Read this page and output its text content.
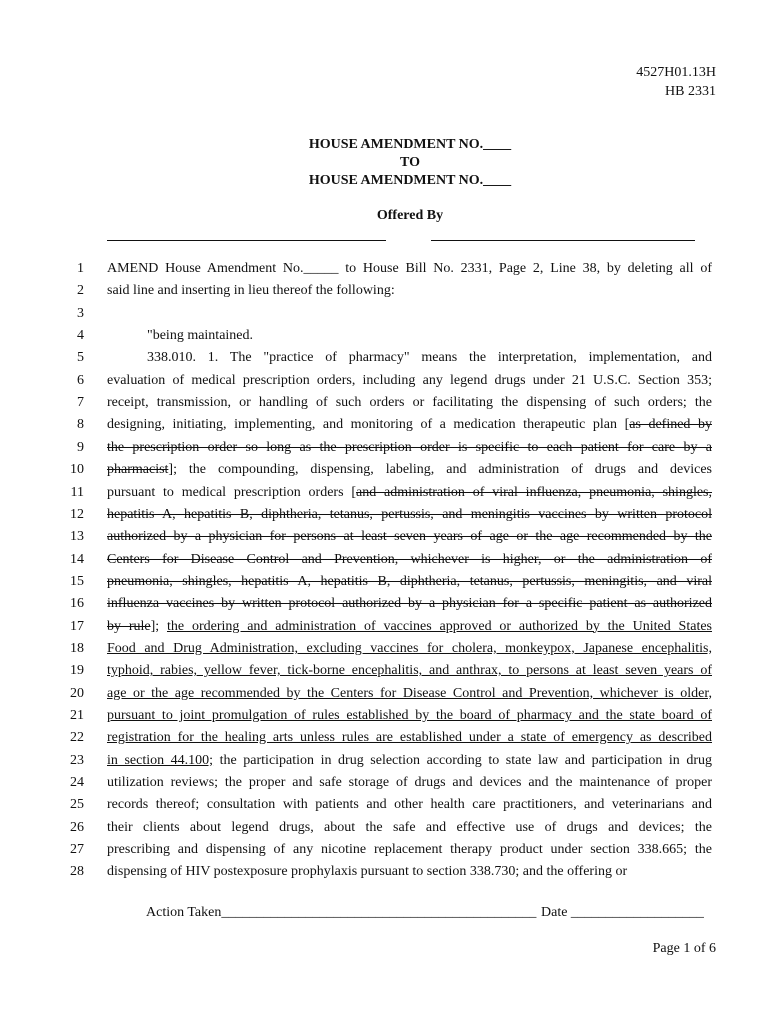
4527H01.13H
HB 2331
HOUSE AMENDMENT NO.____
TO
HOUSE AMENDMENT NO.____
Offered By
1 AMEND House Amendment No._____ to House Bill No. 2331, Page 2, Line 38, by deleting all of
2 said line and inserting in lieu thereof the following:
3
4	"being maintained.
5	338.010. 1. The "practice of pharmacy" means the interpretation, implementation, and
6 evaluation of medical prescription orders, including any legend drugs under 21 U.S.C. Section 353;
7 receipt, transmission, or handling of such orders or facilitating the dispensing of such orders; the
8 designing, initiating, implementing, and monitoring of a medication therapeutic plan [as defined by
9 the prescription order so long as the prescription order is specific to each patient for care by a
10 pharmacist]; the compounding, dispensing, labeling, and administration of drugs and devices
11 pursuant to medical prescription orders [and administration of viral influenza, pneumonia, shingles,
12 hepatitis A, hepatitis B, diphtheria, tetanus, pertussis, and meningitis vaccines by written protocol
13 authorized by a physician for persons at least seven years of age or the age recommended by the
14 Centers for Disease Control and Prevention, whichever is higher, or the administration of
15 pneumonia, shingles, hepatitis A, hepatitis B, diphtheria, tetanus, pertussis, meningitis, and viral
16 influenza vaccines by written protocol authorized by a physician for a specific patient as authorized
17 by rule]; the ordering and administration of vaccines approved or authorized by the United States
18 Food and Drug Administration, excluding vaccines for cholera, monkeypox, Japanese encephalitis,
19 typhoid, rabies, yellow fever, tick-borne encephalitis, and anthrax, to persons at least seven years of
20 age or the age recommended by the Centers for Disease Control and Prevention, whichever is older,
21 pursuant to joint promulgation of rules established by the board of pharmacy and the state board of
22 registration for the healing arts unless rules are established under a state of emergency as described
23 in section 44.100; the participation in drug selection according to state law and participation in drug
24 utilization reviews; the proper and safe storage of drugs and devices and the maintenance of proper
25 records thereof; consultation with patients and other health care practitioners, and veterinarians and
26 their clients about legend drugs, about the safe and effective use of drugs and devices; the
27 prescribing and dispensing of any nicotine replacement therapy product under section 338.665; the
28 dispensing of HIV postexposure prophylaxis pursuant to section 338.730; and the offering or
Action Taken_____________________________________________ Date ___________________
Page 1 of 6
